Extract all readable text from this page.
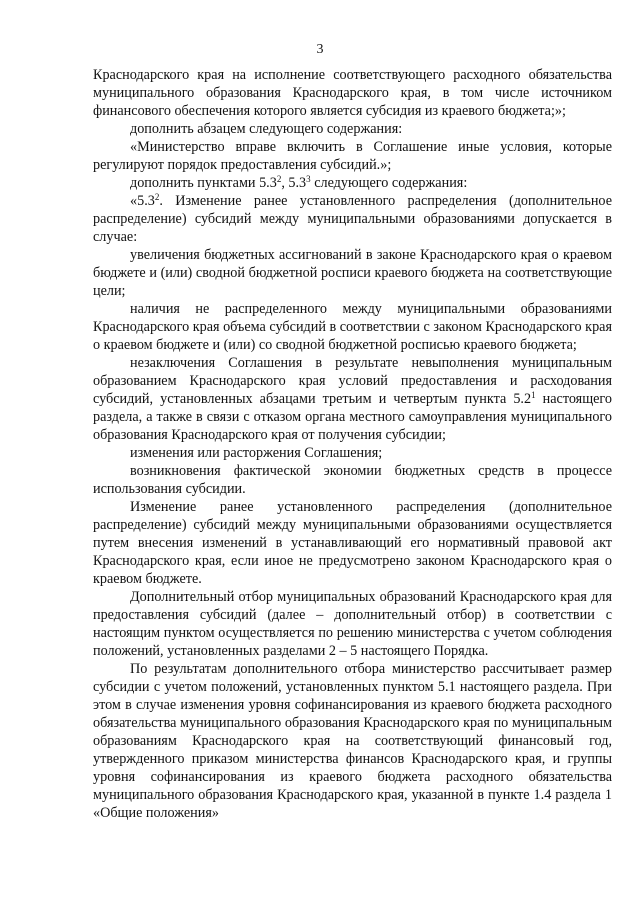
3

Краснодарского края на исполнение соответствующего расходного обязательства муниципального образования Краснодарского края, в том числе источником финансового обеспечения которого является субсидия из краевого бюджета;»;

дополнить абзацем следующего содержания:

«Министерство вправе включить в Соглашение иные условия, которые регулируют порядок предоставления субсидий.»;

дополнить пунктами $5.3^2$, $5.3^3$ следующего содержания:

«$5.3^2$. Изменение ранее установленного распределения (дополнительное распределение) субсидий между муниципальными образованиями допускается в случае:

увеличения бюджетных ассигнований в законе Краснодарского края о краевом бюджете и (или) сводной бюджетной росписи краевого бюджета на соответствующие цели;

наличия не распределенного между муниципальными образованиями Краснодарского края объема субсидий в соответствии с законом Краснодарского края о краевом бюджете и (или) со сводной бюджетной росписью краевого бюджета;

незаключения Соглашения в результате невыполнения муниципальным образованием Краснодарского края условий предоставления и расходования субсидий, установленных абзацами третьим и четвертым пункта $5.2^1$ настоящего раздела, а также в связи с отказом органа местного самоуправления муниципального образования Краснодарского края от получения субсидии;

изменения или расторжения Соглашения;

возникновения фактической экономии бюджетных средств в процессе использования субсидии.

Изменение ранее установленного распределения (дополнительное распределение) субсидий между муниципальными образованиями осуществляется путем внесения изменений в устанавливающий его нормативный правовой акт Краснодарского края, если иное не предусмотрено законом Краснодарского края о краевом бюджете.

Дополнительный отбор муниципальных образований Краснодарского края для предоставления субсидий (далее – дополнительный отбор) в соответствии с настоящим пунктом осуществляется по решению министерства с учетом соблюдения положений, установленных разделами 2 – 5 настоящего Порядка.

По результатам дополнительного отбора министерство рассчитывает размер субсидии с учетом положений, установленных пунктом 5.1 настоящего раздела. При этом в случае изменения уровня софинансирования из краевого бюджета расходного обязательства муниципального образования Краснодарского края по муниципальным образованиям Краснодарского края на соответствующий финансовый год, утвержденного приказом министерства финансов Краснодарского края, и группы уровня софинансирования из краевого бюджета расходного обязательства муниципального образования Краснодарского края, указанной в пункте 1.4 раздела 1 «Общие положения»
